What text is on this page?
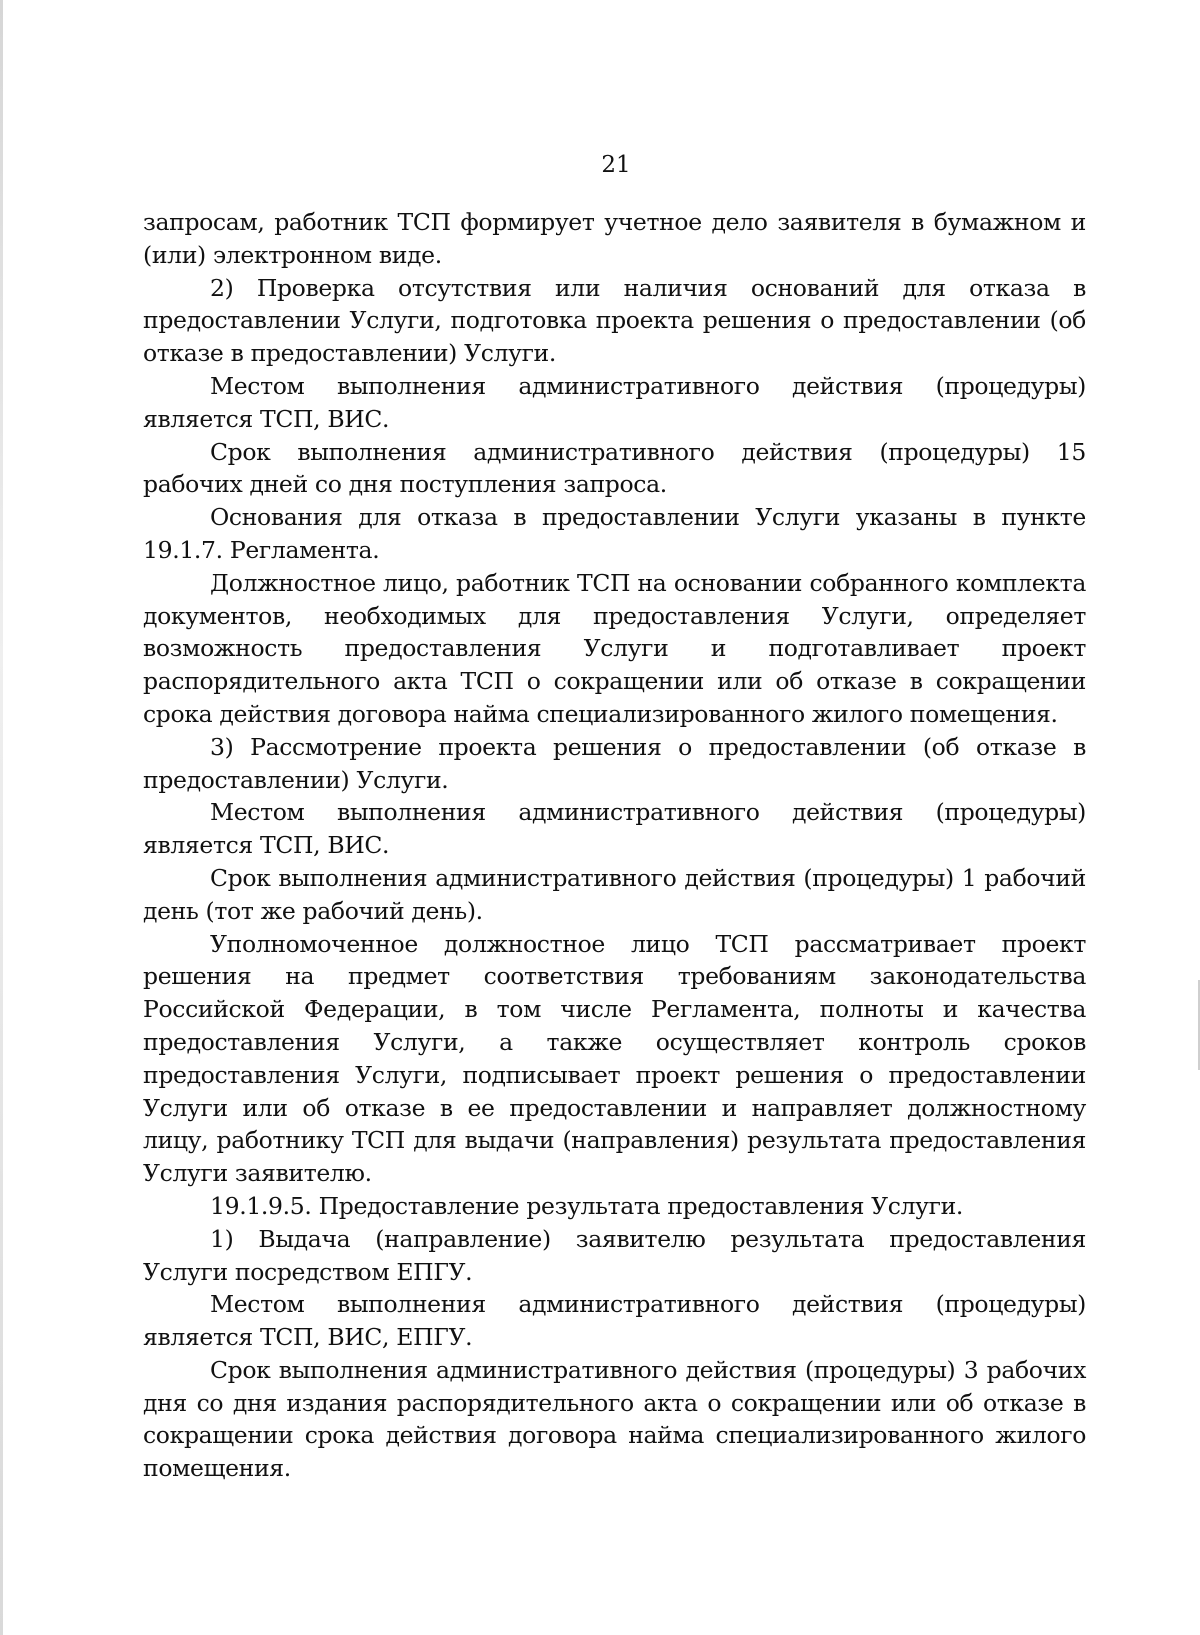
21

запросам, работник ТСП формирует учетное дело заявителя в бумажном и (или) электронном виде.

2) Проверка отсутствия или наличия оснований для отказа в предоставлении Услуги, подготовка проекта решения о предоставлении (об отказе в предоставлении) Услуги.

Местом выполнения административного действия (процедуры) является ТСП, ВИС.

Срок выполнения административного действия (процедуры) 15 рабочих дней со дня поступления запроса.

Основания для отказа в предоставлении Услуги указаны в пункте 19.1.7. Регламента.

Должностное лицо, работник ТСП на основании собранного комплекта документов, необходимых для предоставления Услуги, определяет возможность предоставления Услуги и подготавливает проект распорядительного акта ТСП о сокращении или об отказе в сокращении срока действия договора найма специализированного жилого помещения.

3) Рассмотрение проекта решения о предоставлении (об отказе в предоставлении) Услуги.

Местом выполнения административного действия (процедуры) является ТСП, ВИС.

Срок выполнения административного действия (процедуры) 1 рабочий день (тот же рабочий день).

Уполномоченное должностное лицо ТСП рассматривает проект решения на предмет соответствия требованиям законодательства Российской Федерации, в том числе Регламента, полноты и качества предоставления Услуги, а также осуществляет контроль сроков предоставления Услуги, подписывает проект решения о предоставлении Услуги или об отказе в ее предоставлении и направляет должностному лицу, работнику ТСП для выдачи (направления) результата предоставления Услуги заявителю.

19.1.9.5. Предоставление результата предоставления Услуги.

1) Выдача (направление) заявителю результата предоставления Услуги посредством ЕПГУ.

Местом выполнения административного действия (процедуры) является ТСП, ВИС, ЕПГУ.

Срок выполнения административного действия (процедуры) 3 рабочих дня со дня издания распорядительного акта о сокращении или об отказе в сокращении срока действия договора найма специализированного жилого помещения.
